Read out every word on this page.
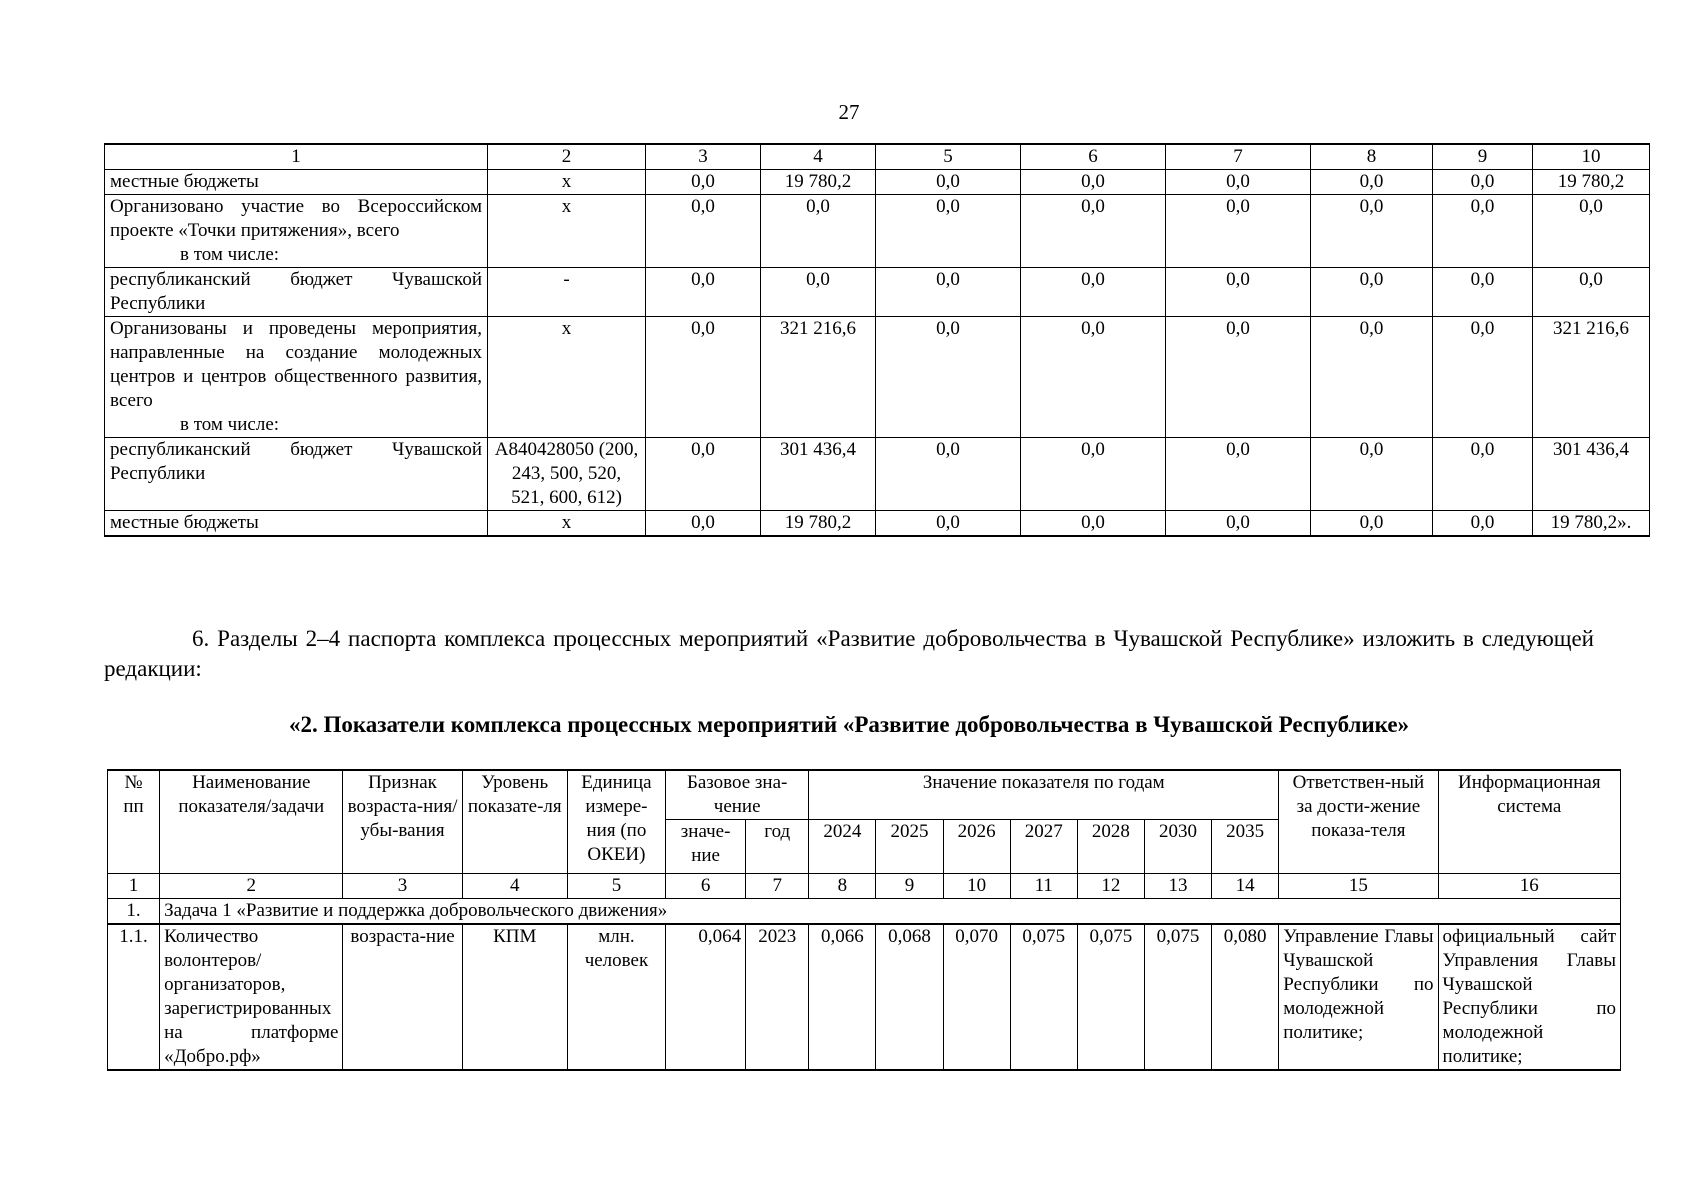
27
1	2	3	4	5	6	7	8	9	10
местные бюджеты	х	0,0	19 780,2	0,0	0,0	0,0	0,0	0,0	19 780,2
Организовано участие во Всероссийском проекте «Точки притяжения», всего
в том числе:	х	0,0	0,0	0,0	0,0	0,0	0,0	0,0	0,0
республиканский бюджет Чувашской Республики	-	0,0	0,0	0,0	0,0	0,0	0,0	0,0	0,0
Организованы и проведены мероприятия, направленные на создание молодежных центров и центров общественного развития, всего
в том числе:	х	0,0	321 216,6	0,0	0,0	0,0	0,0	0,0	321 216,6
республиканский бюджет Чувашской Республики	А840428050 (200, 243, 500, 520, 521, 600, 612)	0,0	301 436,4	0,0	0,0	0,0	0,0	0,0	301 436,4
местные бюджеты	х	0,0	19 780,2	0,0	0,0	0,0	0,0	0,0	19 780,2».
6. Разделы 2–4 паспорта комплекса процессных мероприятий «Развитие добровольчества в Чувашской Республике» изложить в следующей редакции:
«2. Показатели комплекса процессных мероприятий «Развитие добровольчества в Чувашской Республике»
№ пп	Наименование показателя/задачи	Признак возраста-ния/убы-вания	Уровень показате-ля	Единица измере-ния (по ОКЕИ)	Базовое зна-чение		Значение показателя по годам							Ответствен-ный за дости-жение показа-теля	Информационная система
					значе-ние	год	2024	2025	2026	2027	2028	2030	2035		
1	2	3	4	5	6	7	8	9	10	11	12	13	14	15	16
1.	Задача 1 «Развитие и поддержка добровольческого движения»														
1.1.	Количество волонтеров/организаторов, зарегистрированных на платформе «Добро.рф»	возраста-ние	КПМ	млн. человек	0,064	2023	0,066	0,068	0,070	0,075	0,075	0,075	0,080	Управление Главы Чувашской Республики по молодежной политике;	официальный сайт Управления Главы Чувашской Республики по молодежной политике;
